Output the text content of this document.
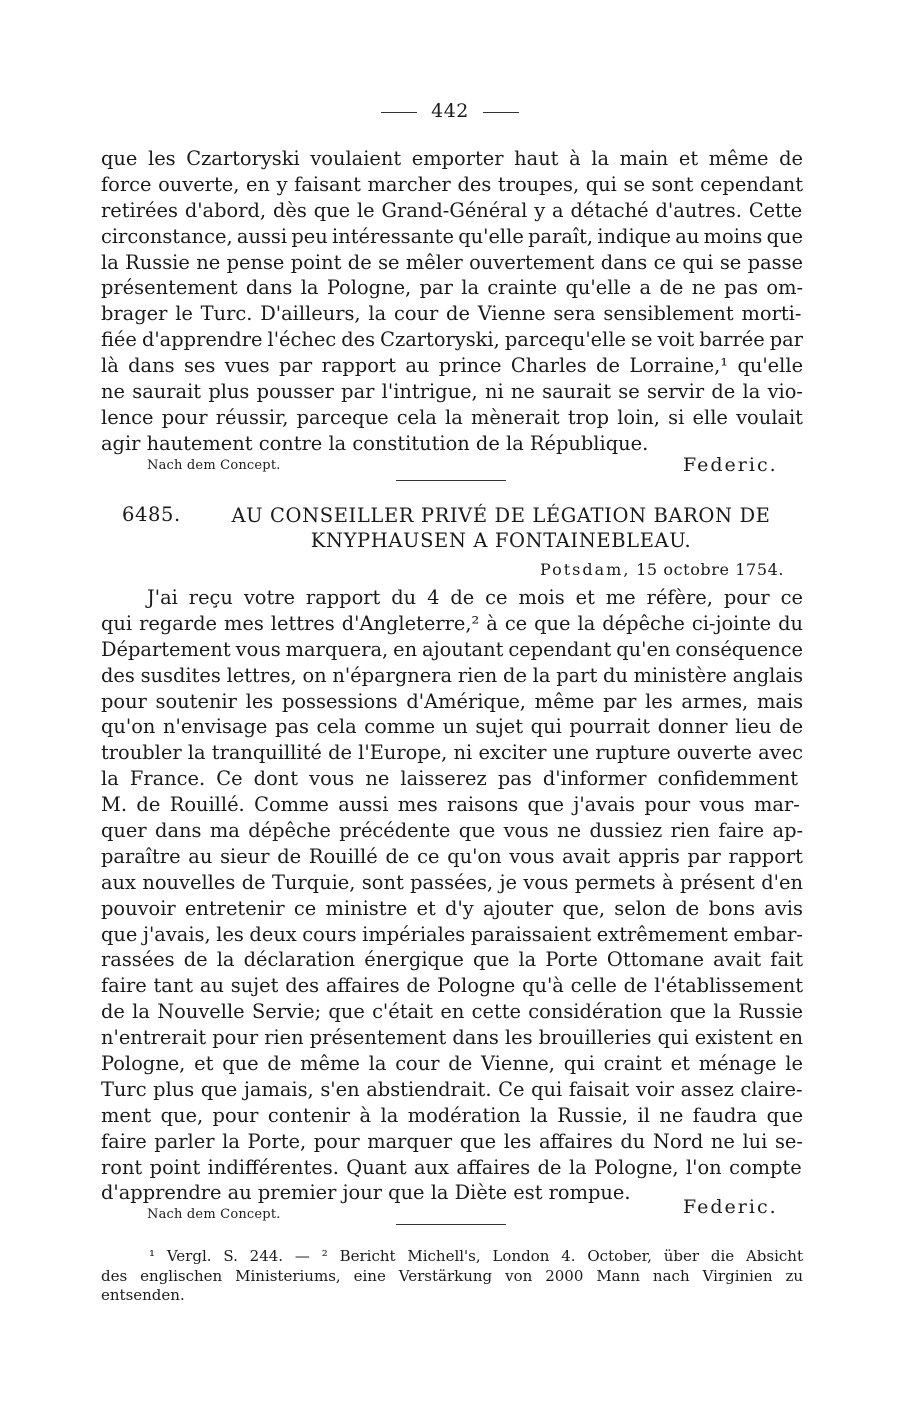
442
que les Czartoryski voulaient emporter haut à la main et même de
force ouverte, en y faisant marcher des troupes, qui se sont cependant
retirées d'abord, dès que le Grand-Général y a détaché d'autres. Cette
circonstance, aussi peu intéressante qu'elle paraît, indique au moins que
la Russie ne pense point de se mêler ouvertement dans ce qui se passe
présentement dans la Pologne, par la crainte qu'elle a de ne pas om-
brager le Turc. D'ailleurs, la cour de Vienne sera sensiblement morti-
fiée d'apprendre l'échec des Czartoryski, parcequ'elle se voit barrée par
là dans ses vues par rapport au prince Charles de Lorraine,¹ qu'elle
ne saurait plus pousser par l'intrigue, ni ne saurait se servir de la vio-
lence pour réussir, parceque cela la mènerait trop loin, si elle voulait
agir hautement contre la constitution de la République.
Nach dem Concept.	Federic.
6485.	AU CONSEILLER PRIVÉ DE LÉGATION BARON DE
KNYPHAUSEN A FONTAINEBLEAU.
Potsdam, 15 octobre 1754.
J'ai reçu votre rapport du 4 de ce mois et me réfère, pour ce
qui regarde mes lettres d'Angleterre,² à ce que la dépêche ci-jointe du
Département vous marquera, en ajoutant cependant qu'en conséquence
des susdites lettres, on n'épargnera rien de la part du ministère anglais
pour soutenir les possessions d'Amérique, même par les armes, mais
qu'on n'envisage pas cela comme un sujet qui pourrait donner lieu de
troubler la tranquillité de l'Europe, ni exciter une rupture ouverte avec
la France. Ce dont vous ne laisserez pas d'informer confidemment
M. de Rouillé. Comme aussi mes raisons que j'avais pour vous mar-
quer dans ma dépêche précédente que vous ne dussiez rien faire ap-
paraître au sieur de Rouillé de ce qu'on vous avait appris par rapport
aux nouvelles de Turquie, sont passées, je vous permets à présent d'en
pouvoir entretenir ce ministre et d'y ajouter que, selon de bons avis
que j'avais, les deux cours impériales paraissaient extrêmement embar-
rassées de la déclaration énergique que la Porte Ottomane avait fait
faire tant au sujet des affaires de Pologne qu'à celle de l'établissement
de la Nouvelle Servie; que c'était en cette considération que la Russie
n'entrerait pour rien présentement dans les brouilleries qui existent en
Pologne, et que de même la cour de Vienne, qui craint et ménage le
Turc plus que jamais, s'en abstiendrait. Ce qui faisait voir assez claire-
ment que, pour contenir à la modération la Russie, il ne faudra que
faire parler la Porte, pour marquer que les affaires du Nord ne lui se-
ront point indifférentes. Quant aux affaires de la Pologne, l'on compte
d'apprendre au premier jour que la Diète est rompue.
Nach dem Concept.	Federic.
¹ Vergl. S. 244. — ² Bericht Michell's, London 4. October, über die Absicht
des englischen Ministeriums, eine Verstärkung von 2000 Mann nach Virginien zu
entsenden.
